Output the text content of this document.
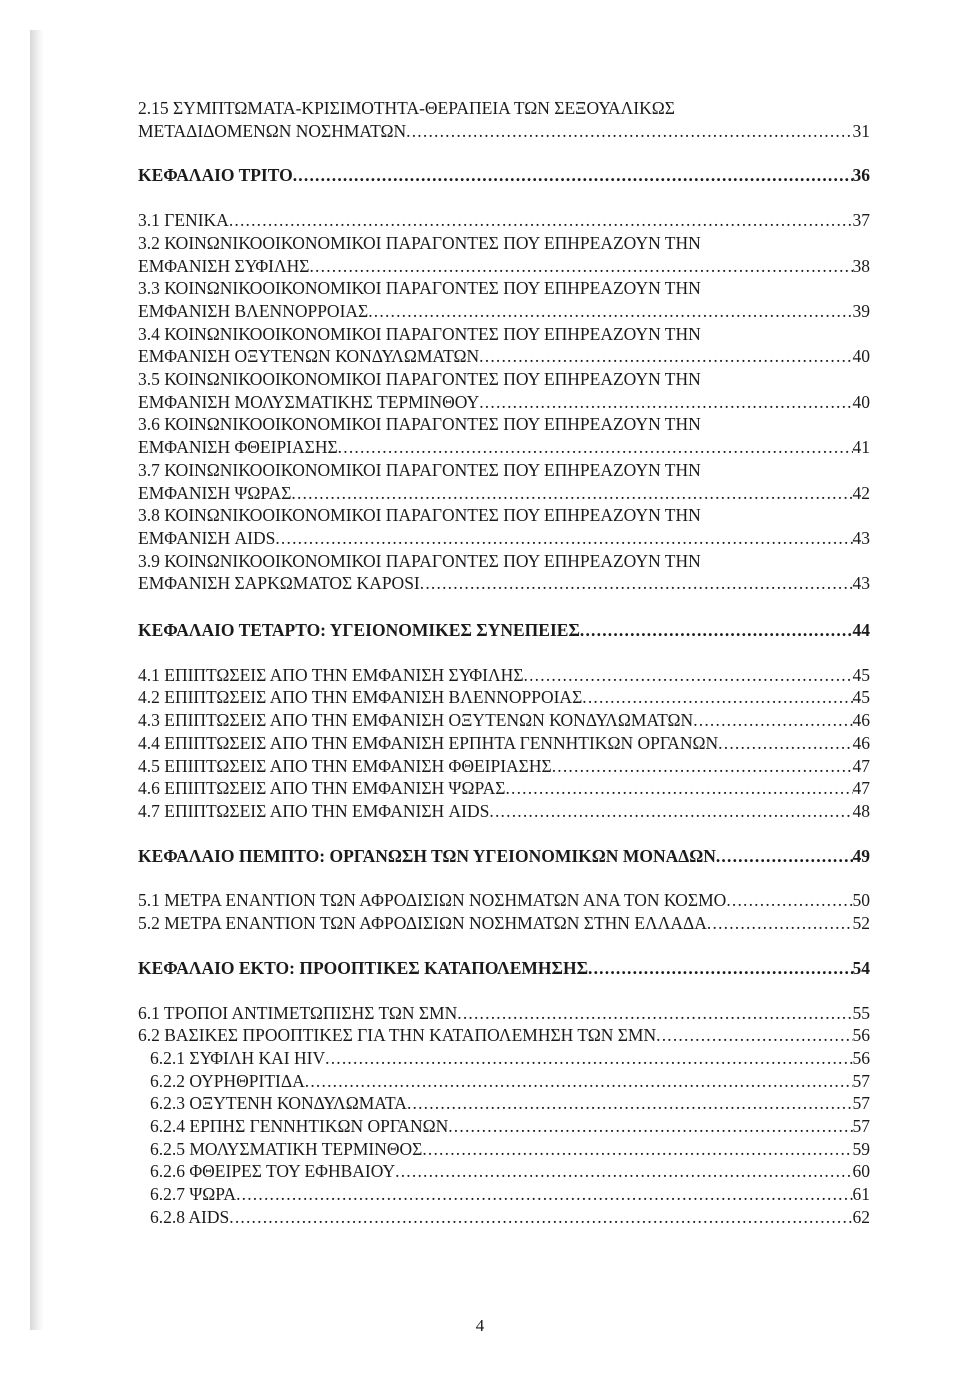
2.15 ΣΥΜΠΤΩΜΑΤΑ-ΚΡΙΣΙΜΟΤΗΤΑ-ΘΕΡΑΠΕΙΑ ΤΩΝ ΣΕΞΟΥΑΛΙΚΩΣ
ΜΕΤΑΔΙΔΟΜΕΝΩΝ ΝΟΣΗΜΑΤΩΝ .....	31
ΚΕΦΑΛΑΙΟ ΤΡΙΤΟ .....	36
3.1 ΓΕΝΙΚΑ .....	37
3.2 ΚΟΙΝΩΝΙΚΟΟΙΚΟΝΟΜΙΚΟΙ ΠΑΡΑΓΟΝΤΕΣ ΠΟΥ ΕΠΗΡΕΑΖΟΥΝ ΤΗΝ
ΕΜΦΑΝΙΣΗ ΣΥΦΙΛΗΣ .....	38
3.3 ΚΟΙΝΩΝΙΚΟΟΙΚΟΝΟΜΙΚΟΙ ΠΑΡΑΓΟΝΤΕΣ ΠΟΥ ΕΠΗΡΕΑΖΟΥΝ ΤΗΝ
ΕΜΦΑΝΙΣΗ ΒΛΕΝΝΟΡΡΟΙΑΣ .....	39
3.4 ΚΟΙΝΩΝΙΚΟΟΙΚΟΝΟΜΙΚΟΙ ΠΑΡΑΓΟΝΤΕΣ ΠΟΥ ΕΠΗΡΕΑΖΟΥΝ ΤΗΝ
ΕΜΦΑΝΙΣΗ ΟΞΥΤΕΝΩΝ ΚΟΝΔΥΛΩΜΑΤΩΝ .....	40
3.5 ΚΟΙΝΩΝΙΚΟΟΙΚΟΝΟΜΙΚΟΙ ΠΑΡΑΓΟΝΤΕΣ ΠΟΥ ΕΠΗΡΕΑΖΟΥΝ ΤΗΝ
ΕΜΦΑΝΙΣΗ ΜΟΛΥΣΜΑΤΙΚΗΣ ΤΕΡΜΙΝΘΟΥ .....	40
3.6 ΚΟΙΝΩΝΙΚΟΟΙΚΟΝΟΜΙΚΟΙ ΠΑΡΑΓΟΝΤΕΣ ΠΟΥ ΕΠΗΡΕΑΖΟΥΝ ΤΗΝ
ΕΜΦΑΝΙΣΗ ΦΘΕΙΡΙΑΣΗΣ .....	41
3.7 ΚΟΙΝΩΝΙΚΟΟΙΚΟΝΟΜΙΚΟΙ ΠΑΡΑΓΟΝΤΕΣ ΠΟΥ ΕΠΗΡΕΑΖΟΥΝ ΤΗΝ
ΕΜΦΑΝΙΣΗ ΨΩΡΑΣ .....	42
3.8 ΚΟΙΝΩΝΙΚΟΟΙΚΟΝΟΜΙΚΟΙ ΠΑΡΑΓΟΝΤΕΣ ΠΟΥ ΕΠΗΡΕΑΖΟΥΝ ΤΗΝ
ΕΜΦΑΝΙΣΗ AIDS .....	43
3.9 ΚΟΙΝΩΝΙΚΟΟΙΚΟΝΟΜΙΚΟΙ ΠΑΡΑΓΟΝΤΕΣ ΠΟΥ ΕΠΗΡΕΑΖΟΥΝ ΤΗΝ
ΕΜΦΑΝΙΣΗ ΣΑΡΚΩΜΑΤΟΣ KAPOSI .....	43
ΚΕΦΑΛΑΙΟ ΤΕΤΑΡΤΟ: ΥΓΕΙΟΝΟΜΙΚΕΣ ΣΥΝΕΠΕΙΕΣ .....	44
4.1 ΕΠΙΠΤΩΣΕΙΣ ΑΠΟ ΤΗΝ ΕΜΦΑΝΙΣΗ ΣΥΦΙΛΗΣ .....	45
4.2 ΕΠΙΠΤΩΣΕΙΣ ΑΠΟ ΤΗΝ ΕΜΦΑΝΙΣΗ ΒΛΕΝΝΟΡΡΟΙΑΣ .....	45
4.3 ΕΠΙΠΤΩΣΕΙΣ ΑΠΟ ΤΗΝ ΕΜΦΑΝΙΣΗ ΟΞΥΤΕΝΩΝ ΚΟΝΔΥΛΩΜΑΤΩΝ .....	46
4.4 ΕΠΙΠΤΩΣΕΙΣ ΑΠΟ ΤΗΝ ΕΜΦΑΝΙΣΗ ΕΡΠΗΤΑ ΓΕΝΝΗΤΙΚΩΝ ΟΡΓΑΝΩΝ .....	46
4.5 ΕΠΙΠΤΩΣΕΙΣ ΑΠΟ ΤΗΝ ΕΜΦΑΝΙΣΗ ΦΘΕΙΡΙΑΣΗΣ .....	47
4.6 ΕΠΙΠΤΩΣΕΙΣ ΑΠΟ ΤΗΝ ΕΜΦΑΝΙΣΗ ΨΩΡΑΣ .....	47
4.7 ΕΠΙΠΤΩΣΕΙΣ ΑΠΟ ΤΗΝ ΕΜΦΑΝΙΣΗ AIDS .....	48
ΚΕΦΑΛΑΙΟ ΠΕΜΠΤΟ: ΟΡΓΑΝΩΣΗ ΤΩΝ ΥΓΕΙΟΝΟΜΙΚΩΝ ΜΟΝΑΔΩΝ .....	49
5.1 ΜΕΤΡΑ ΕΝΑΝΤΙΟΝ ΤΩΝ ΑΦΡΟΔΙΣΙΩΝ ΝΟΣΗΜΑΤΩΝ ΑΝΑ ΤΟΝ ΚΟΣΜΟ .....	50
5.2 ΜΕΤΡΑ ΕΝΑΝΤΙΟΝ ΤΩΝ ΑΦΡΟΔΙΣΙΩΝ ΝΟΣΗΜΑΤΩΝ ΣΤΗΝ ΕΛΛΑΔΑ .....	52
ΚΕΦΑΛΑΙΟ ΕΚΤΟ: ΠΡΟΟΠΤΙΚΕΣ ΚΑΤΑΠΟΛΕΜΗΣΗΣ .....	54
6.1 ΤΡΟΠΟΙ ΑΝΤΙΜΕΤΩΠΙΣΗΣ ΤΩΝ ΣΜΝ .....	55
6.2 ΒΑΣΙΚΕΣ ΠΡΟΟΠΤΙΚΕΣ ΓΙΑ ΤΗΝ ΚΑΤΑΠΟΛΕΜΗΣΗ ΤΩΝ ΣΜΝ .....	56
6.2.1 ΣΥΦΙΛΗ ΚΑΙ HIV .....	56
6.2.2 ΟΥΡΗΘΡΙΤΙΔΑ .....	57
6.2.3 ΟΞΥΤΕΝΗ ΚΟΝΔΥΛΩΜΑΤΑ .....	57
6.2.4 ΕΡΠΗΣ ΓΕΝΝΗΤΙΚΩΝ ΟΡΓΑΝΩΝ .....	57
6.2.5 ΜΟΛΥΣΜΑΤΙΚΗ ΤΕΡΜΙΝΘΟΣ .....	59
6.2.6 ΦΘΕΙΡΕΣ ΤΟΥ ΕΦΗΒΑΙΟΥ .....	60
6.2.7 ΨΩΡΑ .....	61
6.2.8 AIDS .....	62
4
